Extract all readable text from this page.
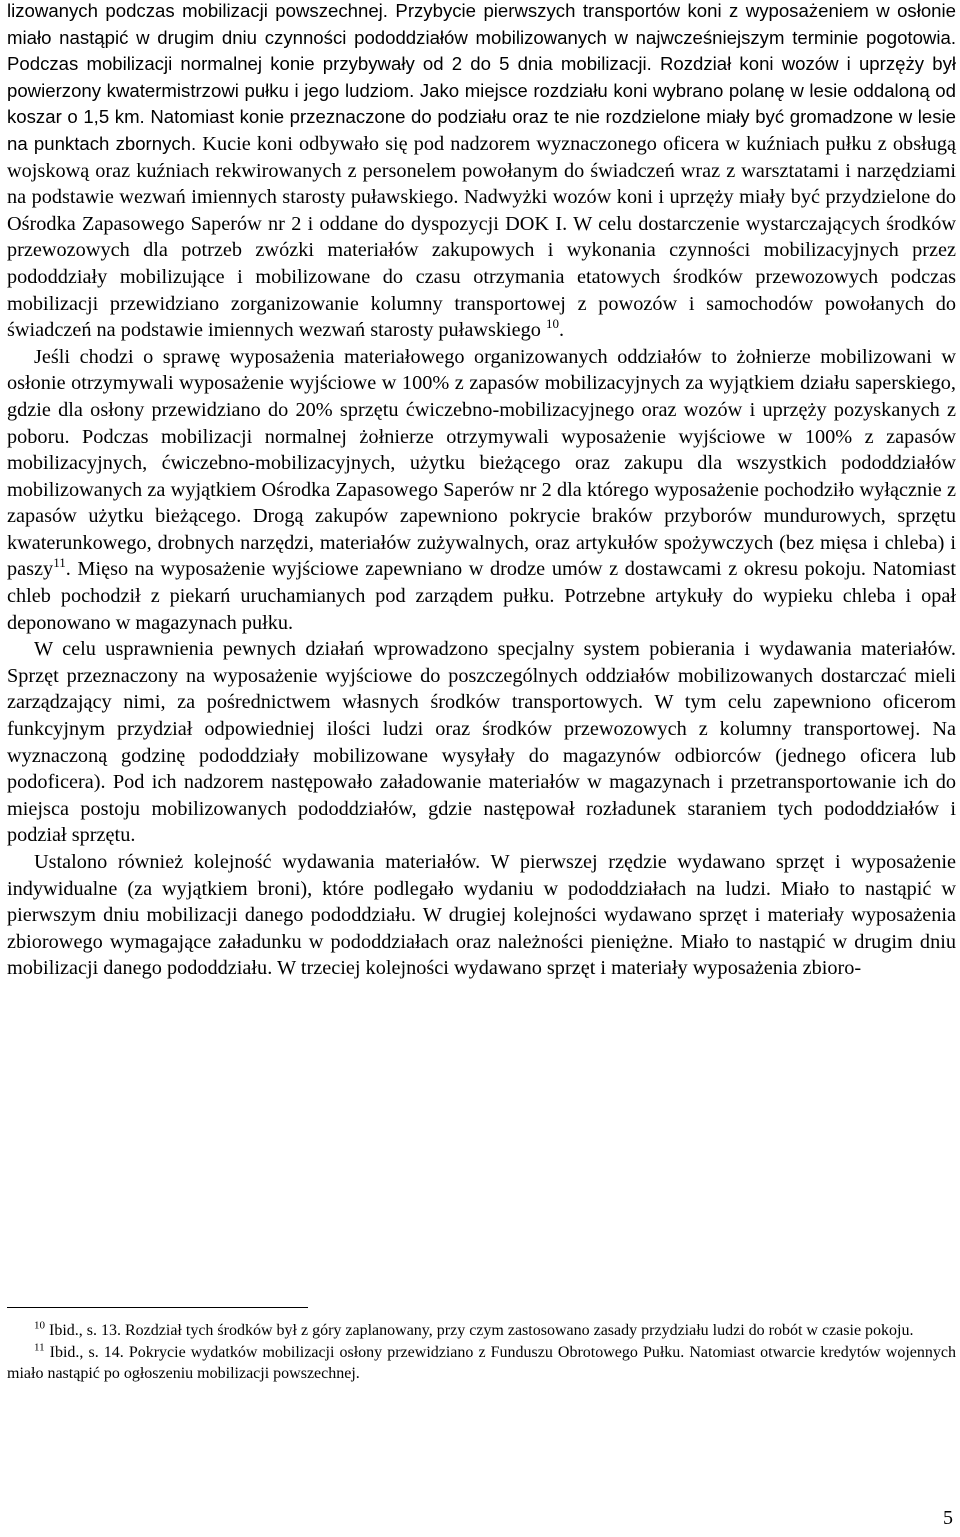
lizowanych podczas mobilizacji powszechnej. Przybycie pierwszych transportów koni z wyposażeniem w osłonie miało nastąpić w drugim dniu czynności pododdziałów mobilizowanych w najwcześniejszym terminie pogotowia. Podczas mobilizacji normalnej konie przybywały od 2 do 5 dnia mobilizacji. Rozdział koni wozów i uprzęży był powierzony kwatermistrzowi pułku i jego ludziom. Jako miejsce rozdziału koni wybrano polanę w lesie oddaloną od koszar o 1,5 km. Natomiast konie przeznaczone do podziału oraz te nie rozdzielone miały być gromadzone w lesie na punktach zbornych. Kucie koni odbywało się pod nadzorem wyznaczonego oficera w kuźniach pułku z obsługą wojskową oraz kuźniach rekwirowanych z personelem powołanym do świadczeń wraz z warsztatami i narzędziami na podstawie wezwań imiennych starosty puławskiego. Nadwyżki wozów koni i uprzęży miały być przydzielone do Ośrodka Zapasowego Saperów nr 2 i oddane do dyspozycji DOK I. W celu dostarczenie wystarczających środków przewozowych dla potrzeb zwózki materiałów zakupowych i wykonania czynności mobilizacyjnych przez pododdziały mobilizujące i mobilizowane do czasu otrzymania etatowych środków przewozowych podczas mobilizacji przewidziano zorganizowanie kolumny transportowej z powozów i samochodów powołanych do świadczeń na podstawie imiennych wezwań starosty puławskiego $^{10}$.

Jeśli chodzi o sprawę wyposażenia materiałowego organizowanych oddziałów to żołnierze mobilizowani w osłonie otrzymywali wyposażenie wyjściowe w 100% z zapasów mobilizacyjnych za wyjątkiem działu saperskiego, gdzie dla osłony przewidziano do 20% sprzętu ćwiczebno-mobilizacyjnego oraz wozów i uprzęży pozyskanych z poboru. Podczas mobilizacji normalnej żołnierze otrzymywali wyposażenie wyjściowe w 100% z zapasów mobilizacyjnych, ćwiczebno-mobilizacyjnych, użytku bieżącego oraz zakupu dla wszystkich pododdziałów mobilizowanych za wyjątkiem Ośrodka Zapasowego Saperów nr 2 dla którego wyposażenie pochodziło wyłącznie z zapasów użytku bieżącego. Drogą zakupów zapewniono pokrycie braków przyborów mundurowych, sprzętu kwaterunkowego, drobnych narzędzi, materiałów zużywalnych, oraz artykułów spożywczych (bez mięsa i chleba) i paszy$^{11}$. Mięso na wyposażenie wyjściowe zapewniano w drodze umów z dostawcami z okresu pokoju. Natomiast chleb pochodził z piekarń uruchamianych pod zarządem pułku. Potrzebne artykuły do wypieku chleba i opał deponowano w magazynach pułku.

W celu usprawnienia pewnych działań wprowadzono specjalny system pobierania i wydawania materiałów. Sprzęt przeznaczony na wyposażenie wyjściowe do poszczególnych oddziałów mobilizowanych dostarczać mieli zarządzający nimi, za pośrednictwem własnych środków transportowych. W tym celu zapewniono oficerom funkcyjnym przydział odpowiedniej ilości ludzi oraz środków przewozowych z kolumny transportowej. Na wyznaczoną godzinę pododdziały mobilizowane wysyłały do magazynów odbiorców (jednego oficera lub podoficera). Pod ich nadzorem następowało załadowanie materiałów w magazynach i przetransportowanie ich do miejsca postoju mobilizowanych pododdziałów, gdzie następował rozładunek staraniem tych pododdziałów i podział sprzętu.

Ustalono również kolejność wydawania materiałów. W pierwszej rzędzie wydawano sprzęt i wyposażenie indywidualne (za wyjątkiem broni), które podlegało wydaniu w pododdziałach na ludzi. Miało to nastąpić w pierwszym dniu mobilizacji danego pododdziału. W drugiej kolejności wydawano sprzęt i materiały wyposażenia zbiorowego wymagające załadunku w pododdziałach oraz należności pieniężne. Miało to nastąpić w drugim dniu mobilizacji danego pododdziału. W trzeciej kolejności wydawano sprzęt i materiały wyposażenia zbioro-

$^{10}$ Ibid., s. 13. Rozdział tych środków był z góry zaplanowany, przy czym zastosowano zasady przydziału ludzi do robót w czasie pokoju.

$^{11}$ Ibid., s. 14. Pokrycie wydatków mobilizacji osłony przewidziano z Funduszu Obrotowego Pułku. Natomiast otwarcie kredytów wojennych miało nastąpić po ogłoszeniu mobilizacji powszechnej.

5
